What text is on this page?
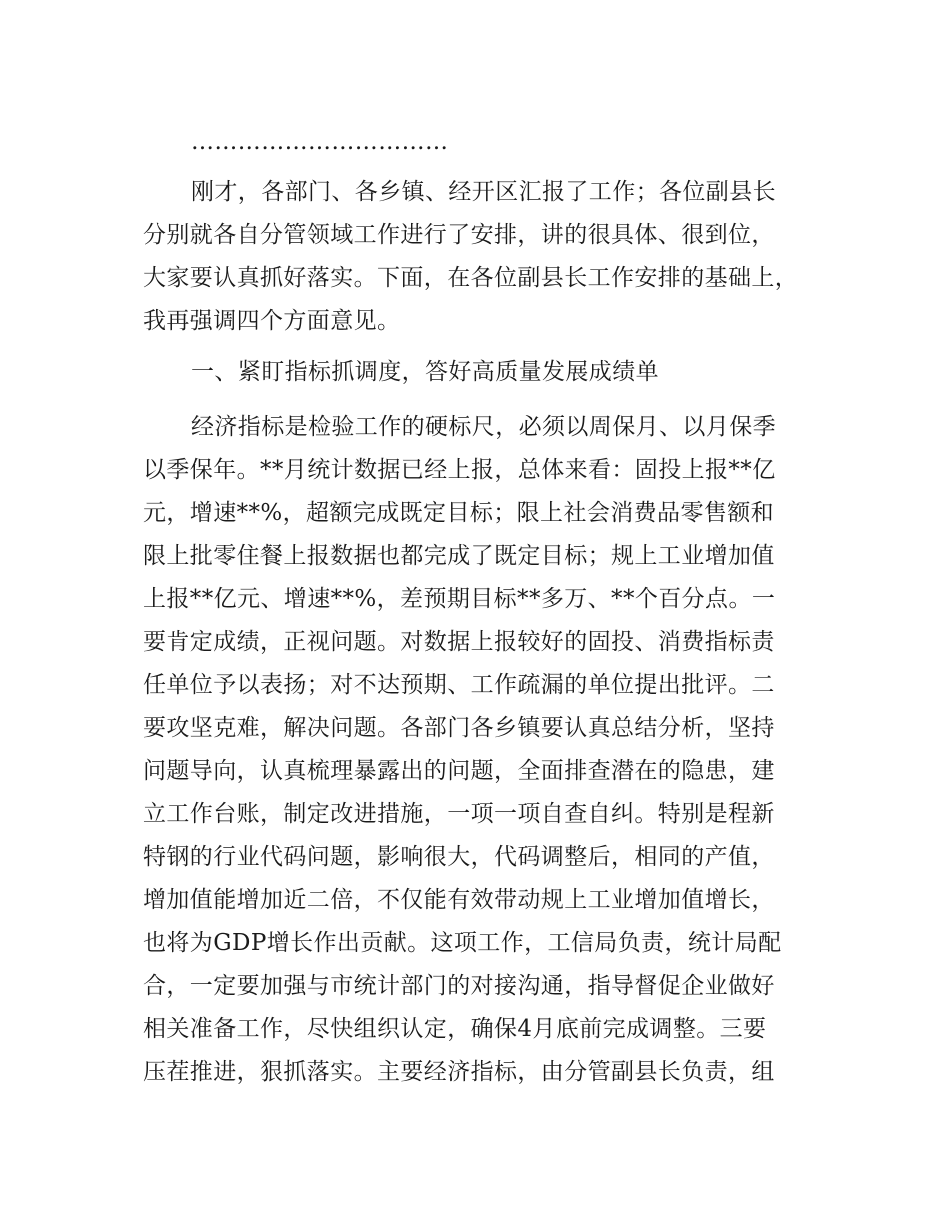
……………………………
刚才，各部门、各乡镇、经开区汇报了工作；各位副县长
分别就各自分管领域工作进行了安排，讲的很具体、很到位，
大家要认真抓好落实。下面，在各位副县长工作安排的基础上，
我再强调四个方面意见。
一、紧盯指标抓调度，答好高质量发展成绩单
经济指标是检验工作的硬标尺，必须以周保月、以月保季
以季保年。**月统计数据已经上报，总体来看：固投上报**亿
元，增速**%，超额完成既定目标；限上社会消费品零售额和
限上批零住餐上报数据也都完成了既定目标；规上工业增加值
上报**亿元、增速**%，差预期目标**多万、**个百分点。一
要肯定成绩，正视问题。对数据上报较好的固投、消费指标责
任单位予以表扬；对不达预期、工作疏漏的单位提出批评。二
要攻坚克难，解决问题。各部门各乡镇要认真总结分析，坚持
问题导向，认真梳理暴露出的问题，全面排查潜在的隐患，建
立工作台账，制定改进措施，一项一项自查自纠。特别是程新
特钢的行业代码问题，影响很大，代码调整后，相同的产值，
增加值能增加近二倍，不仅能有效带动规上工业增加值增长，
也将为GDP增长作出贡献。这项工作，工信局负责，统计局配
合，一定要加强与市统计部门的对接沟通，指导督促企业做好
相关准备工作，尽快组织认定，确保4月底前完成调整。三要
压茬推进，狠抓落实。主要经济指标，由分管副县长负责，组
